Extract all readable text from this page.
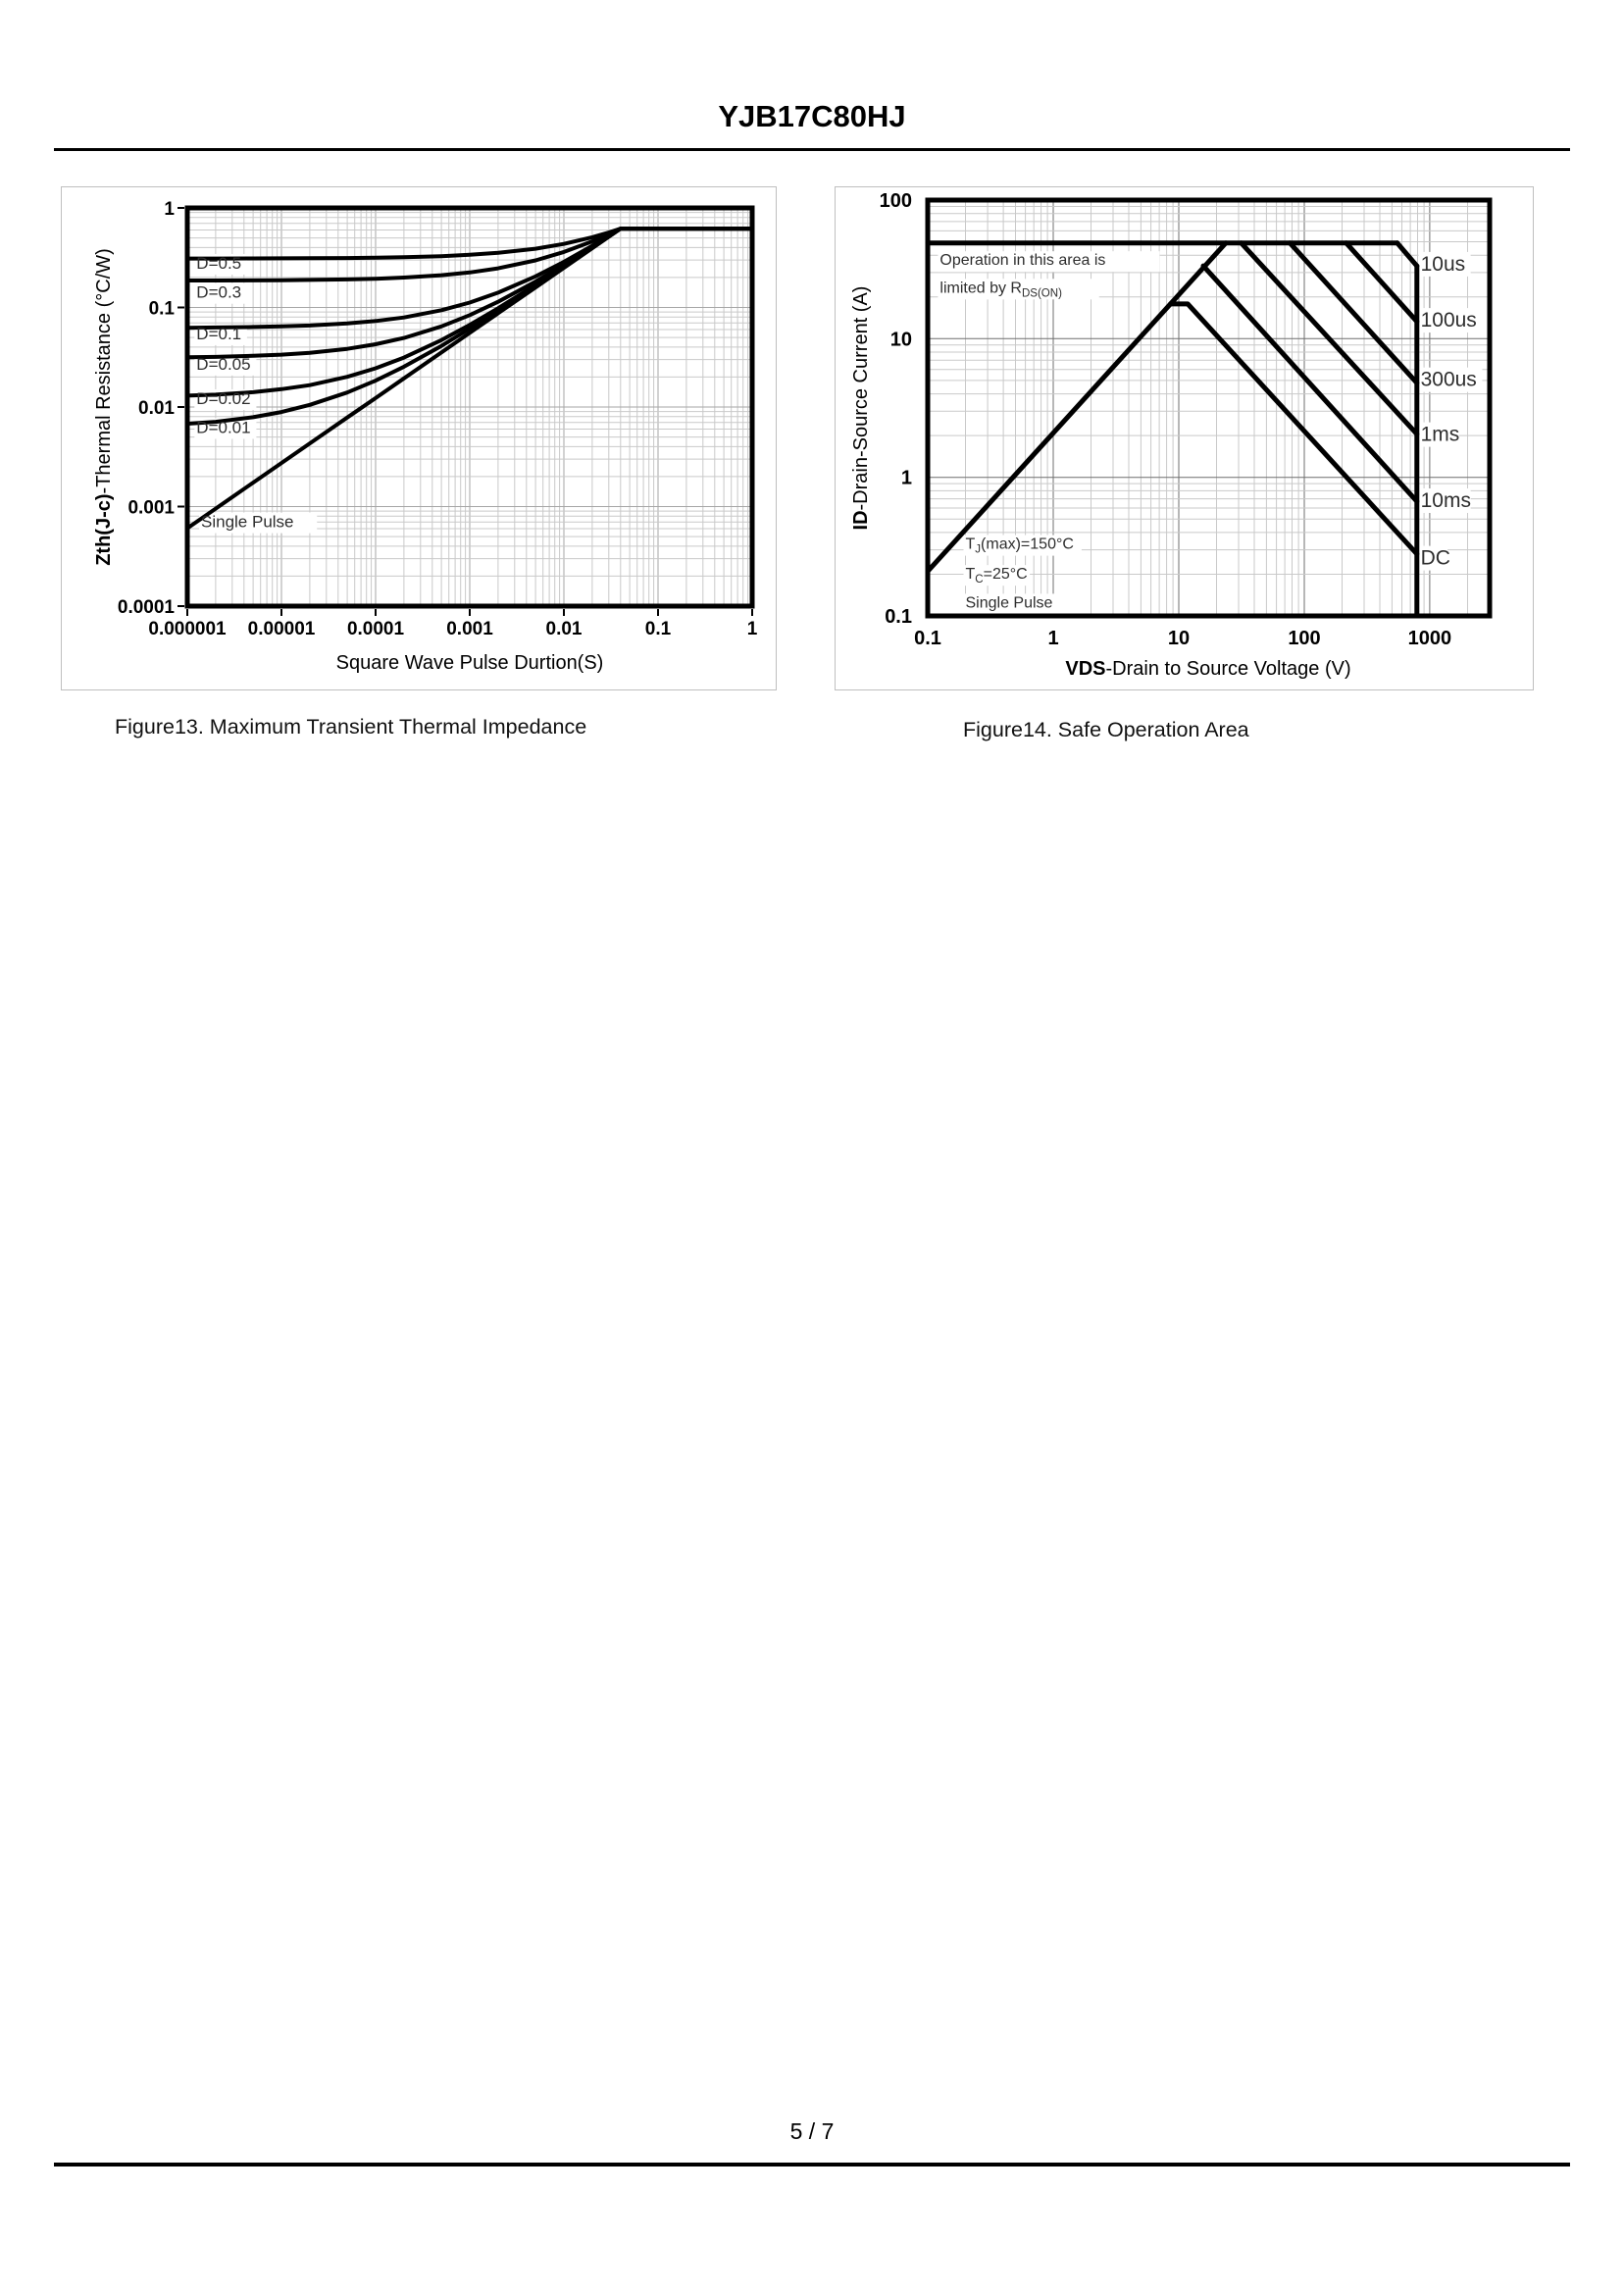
YJB17C80HJ
D=0.5
D=0.3
D=0.1
D=0.05
D=0.02
D=0.01
Single Pulse
0.000001 0.00001 0.0001 0.001	0.01	0.1	1
1
0.1
0.01
0.001
0.0001
Square Wave Pulse Durtion(S)
Zth(J-c)-Thermal Resistance (°C/W)	10us
100us
300us
1ms
10ms
DC
Operation in this area is
limited by $R_{DS(ON)}$
$T_J(\max)=150^\circ C$
$T_C=25^\circ C$
Single Pulse
0.1	1	10	100	1000
100
10
1
0.1
VDS-Drain to Source Voltage (V)
ID-Drain-Source Current (A)
Figure13. Maximum Transient Thermal Impedance	Figure14. Safe Operation Area
5 / 7
